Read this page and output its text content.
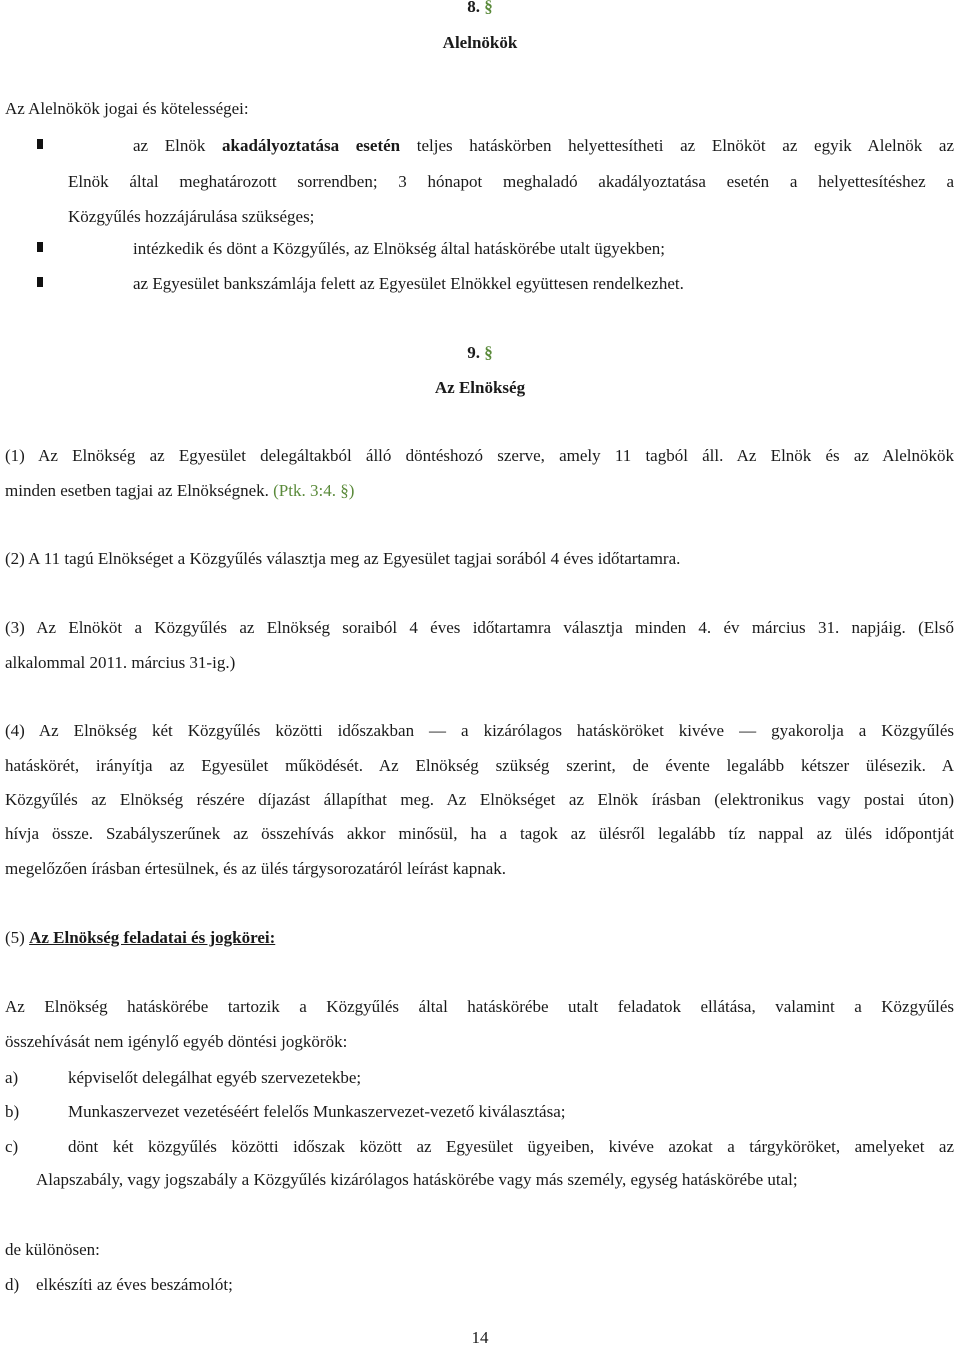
8. §
Alelnökök
Az Alelnökök jogai és kötelességei:
az Elnök akadályoztatása esetén teljes hatáskörben helyettesítheti az Elnököt az egyik Alelnök az
Elnök által meghatározott sorrendben; 3 hónapot meghaladó akadályoztatása esetén a helyettesítéshez a
Közgyűlés hozzájárulása szükséges;
intézkedik és dönt a Közgyűlés, az Elnökség által hatáskörébe utalt ügyekben;
az Egyesület bankszámlája felett az Egyesület Elnökkel együttesen rendelkezhet.
9. §
Az Elnökség
(1) Az Elnökség az Egyesület delegáltakból álló döntéshozó szerve, amely 11 tagból áll. Az Elnök és az Alelnökök
minden esetben tagjai az Elnökségnek. (Ptk. 3:4. §)
(2) A 11 tagú Elnökséget a Közgyűlés választja meg az Egyesület tagjai sorából 4 éves időtartamra.
(3) Az Elnököt a Közgyűlés az Elnökség soraiból 4 éves időtartamra választja minden 4. év március 31. napjáig. (Első
alkalommal 2011. március 31-ig.)
(4) Az Elnökség két Közgyűlés közötti időszakban ― a kizárólagos hatásköröket kivéve ― gyakorolja a Közgyűlés
hatáskörét, irányítja az Egyesület működését. Az Elnökség szükség szerint, de évente legalább kétszer ülésezik. A
Közgyűlés az Elnökség részére díjazást állapíthat meg. Az Elnökséget az Elnök írásban (elektronikus vagy postai úton)
hívja össze. Szabályszerűnek az összehívás akkor minősül, ha a tagok az ülésről legalább tíz nappal az ülés időpontját
megelőzően írásban értesülnek, és az ülés tárgysorozatáról leírást kapnak.
(5) Az Elnökség feladatai és jogkörei:
Az Elnökség hatáskörébe tartozik a Közgyűlés által hatáskörébe utalt feladatok ellátása, valamint a Közgyűlés
összehívását nem igénylő egyéb döntési jogkörök:
a)	képviselőt delegálhat egyéb szervezetekbe;
b)	Munkaszervezet vezetéséért felelős Munkaszervezet-vezető kiválasztása;
c)	dönt két közgyűlés közötti időszak között az Egyesület ügyeiben, kivéve azokat a tárgyköröket, amelyeket az
Alapszabály, vagy jogszabály a Közgyűlés kizárólagos hatáskörébe vagy más személy, egység hatáskörébe utal;
de különösen:
d) elkészíti az éves beszámolót;
14
